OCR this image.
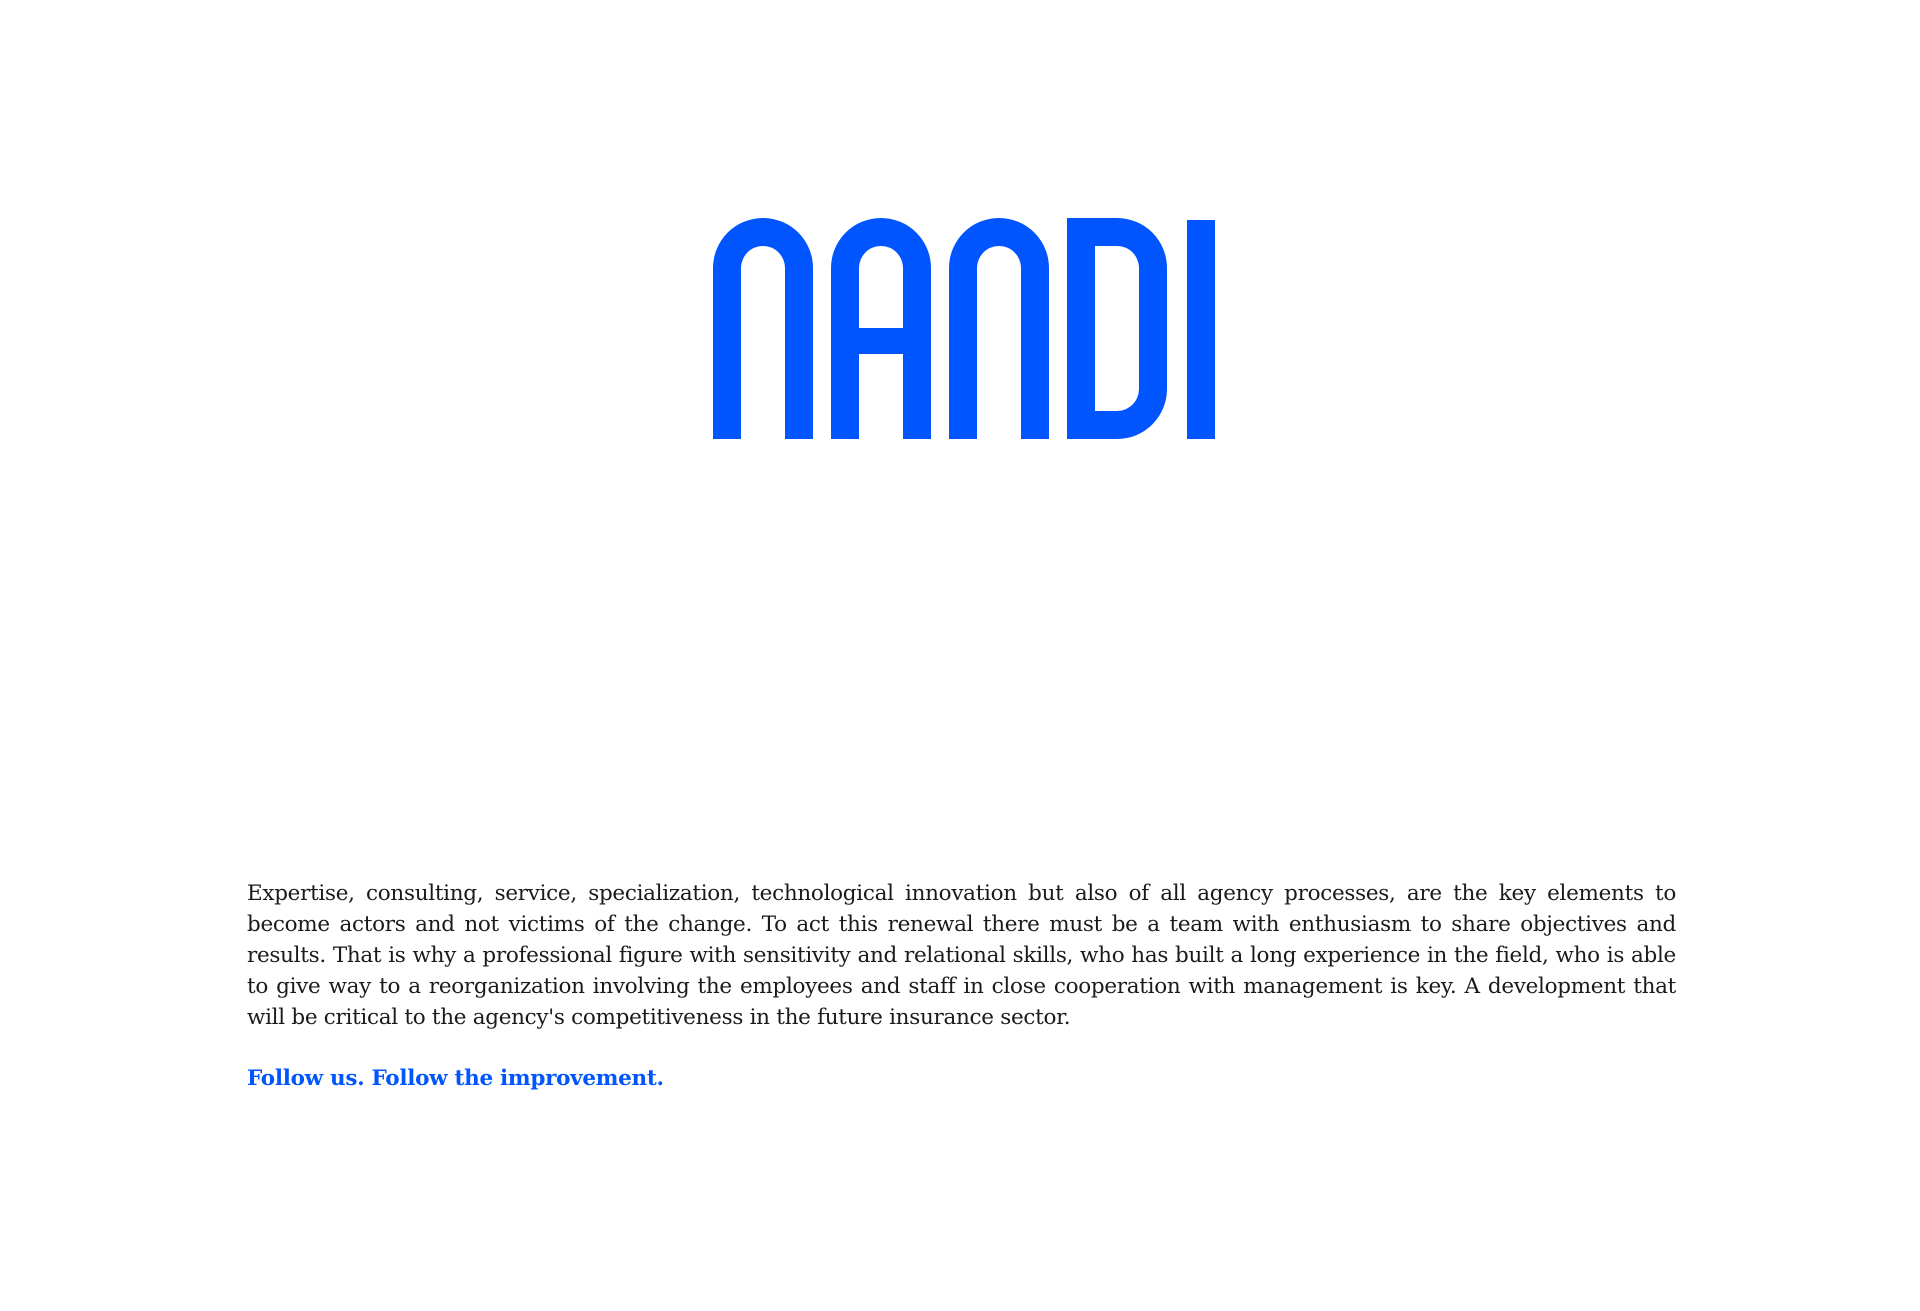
Expertise, consulting, service, specialization, technological innovation but also of all agency processes, are the key elements to become actors and not victims of the change. To act this renewal there must be a team with enthusiasm to share objectives and results. That is why a professional figure with sensitivity and relational skills, who has built a long experience in the field, who is able to give way to a reorganization involving the employees and staff in close cooperation with management is key. A development that will be critical to the agency's competitiveness in the future insurance sector.

Follow us. Follow the improvement.
